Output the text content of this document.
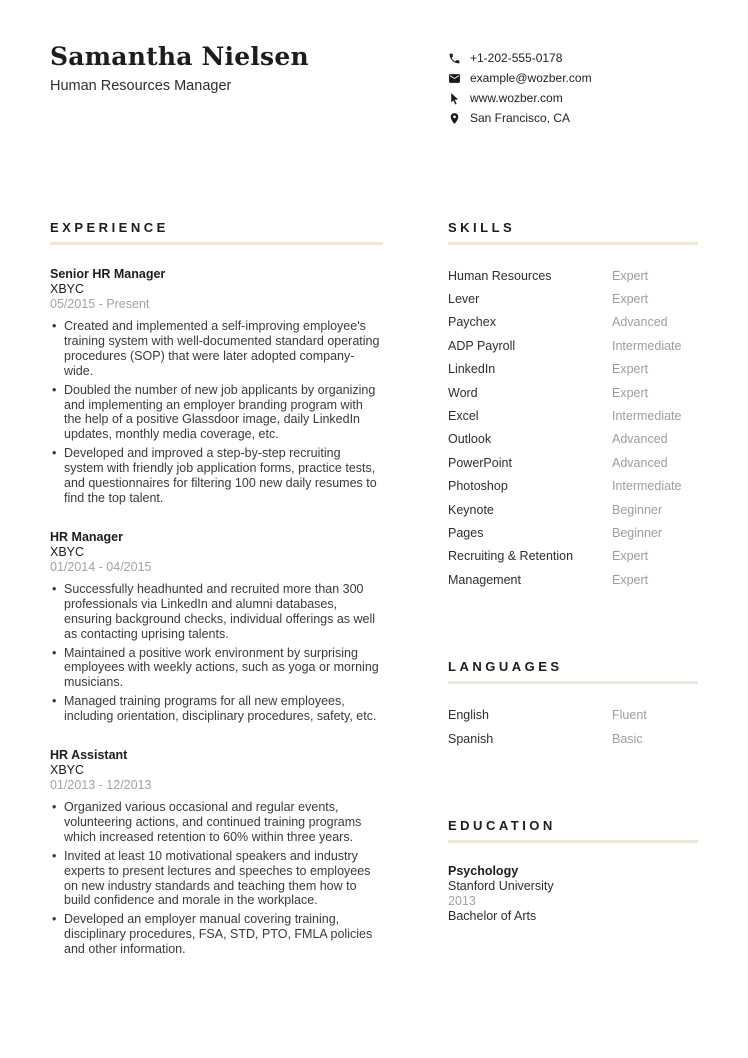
Samantha Nielsen
Human Resources Manager
+1-202-555-0178
example@wozber.com
www.wozber.com
San Francisco, CA
EXPERIENCE
Senior HR Manager
XBYC
05/2015 - Present
• Created and implemented a self-improving employee's training system with well-documented standard operating procedures (SOP) that were later adopted company-wide.
• Doubled the number of new job applicants by organizing and implementing an employer branding program with the help of a positive Glassdoor image, daily LinkedIn updates, monthly media coverage, etc.
• Developed and improved a step-by-step recruiting system with friendly job application forms, practice tests, and questionnaires for filtering 100 new daily resumes to find the top talent.
HR Manager
XBYC
01/2014 - 04/2015
• Successfully headhunted and recruited more than 300 professionals via LinkedIn and alumni databases, ensuring background checks, individual offerings as well as contacting uprising talents.
• Maintained a positive work environment by surprising employees with weekly actions, such as yoga or morning musicians.
• Managed training programs for all new employees, including orientation, disciplinary procedures, safety, etc.
HR Assistant
XBYC
01/2013 - 12/2013
• Organized various occasional and regular events, volunteering actions, and continued training programs which increased retention to 60% within three years.
• Invited at least 10 motivational speakers and industry experts to present lectures and speeches to employees on new industry standards and teaching them how to build confidence and morale in the workplace.
• Developed an employer manual covering training, disciplinary procedures, FSA, STD, PTO, FMLA policies and other information.
SKILLS
Human Resources	Expert
Lever	Expert
Paychex	Advanced
ADP Payroll	Intermediate
LinkedIn	Expert
Word	Expert
Excel	Intermediate
Outlook	Advanced
PowerPoint	Advanced
Photoshop	Intermediate
Keynote	Beginner
Pages	Beginner
Recruiting & Retention	Expert
Management	Expert
LANGUAGES
English	Fluent
Spanish	Basic
EDUCATION
Psychology
Stanford University
2013
Bachelor of Arts
